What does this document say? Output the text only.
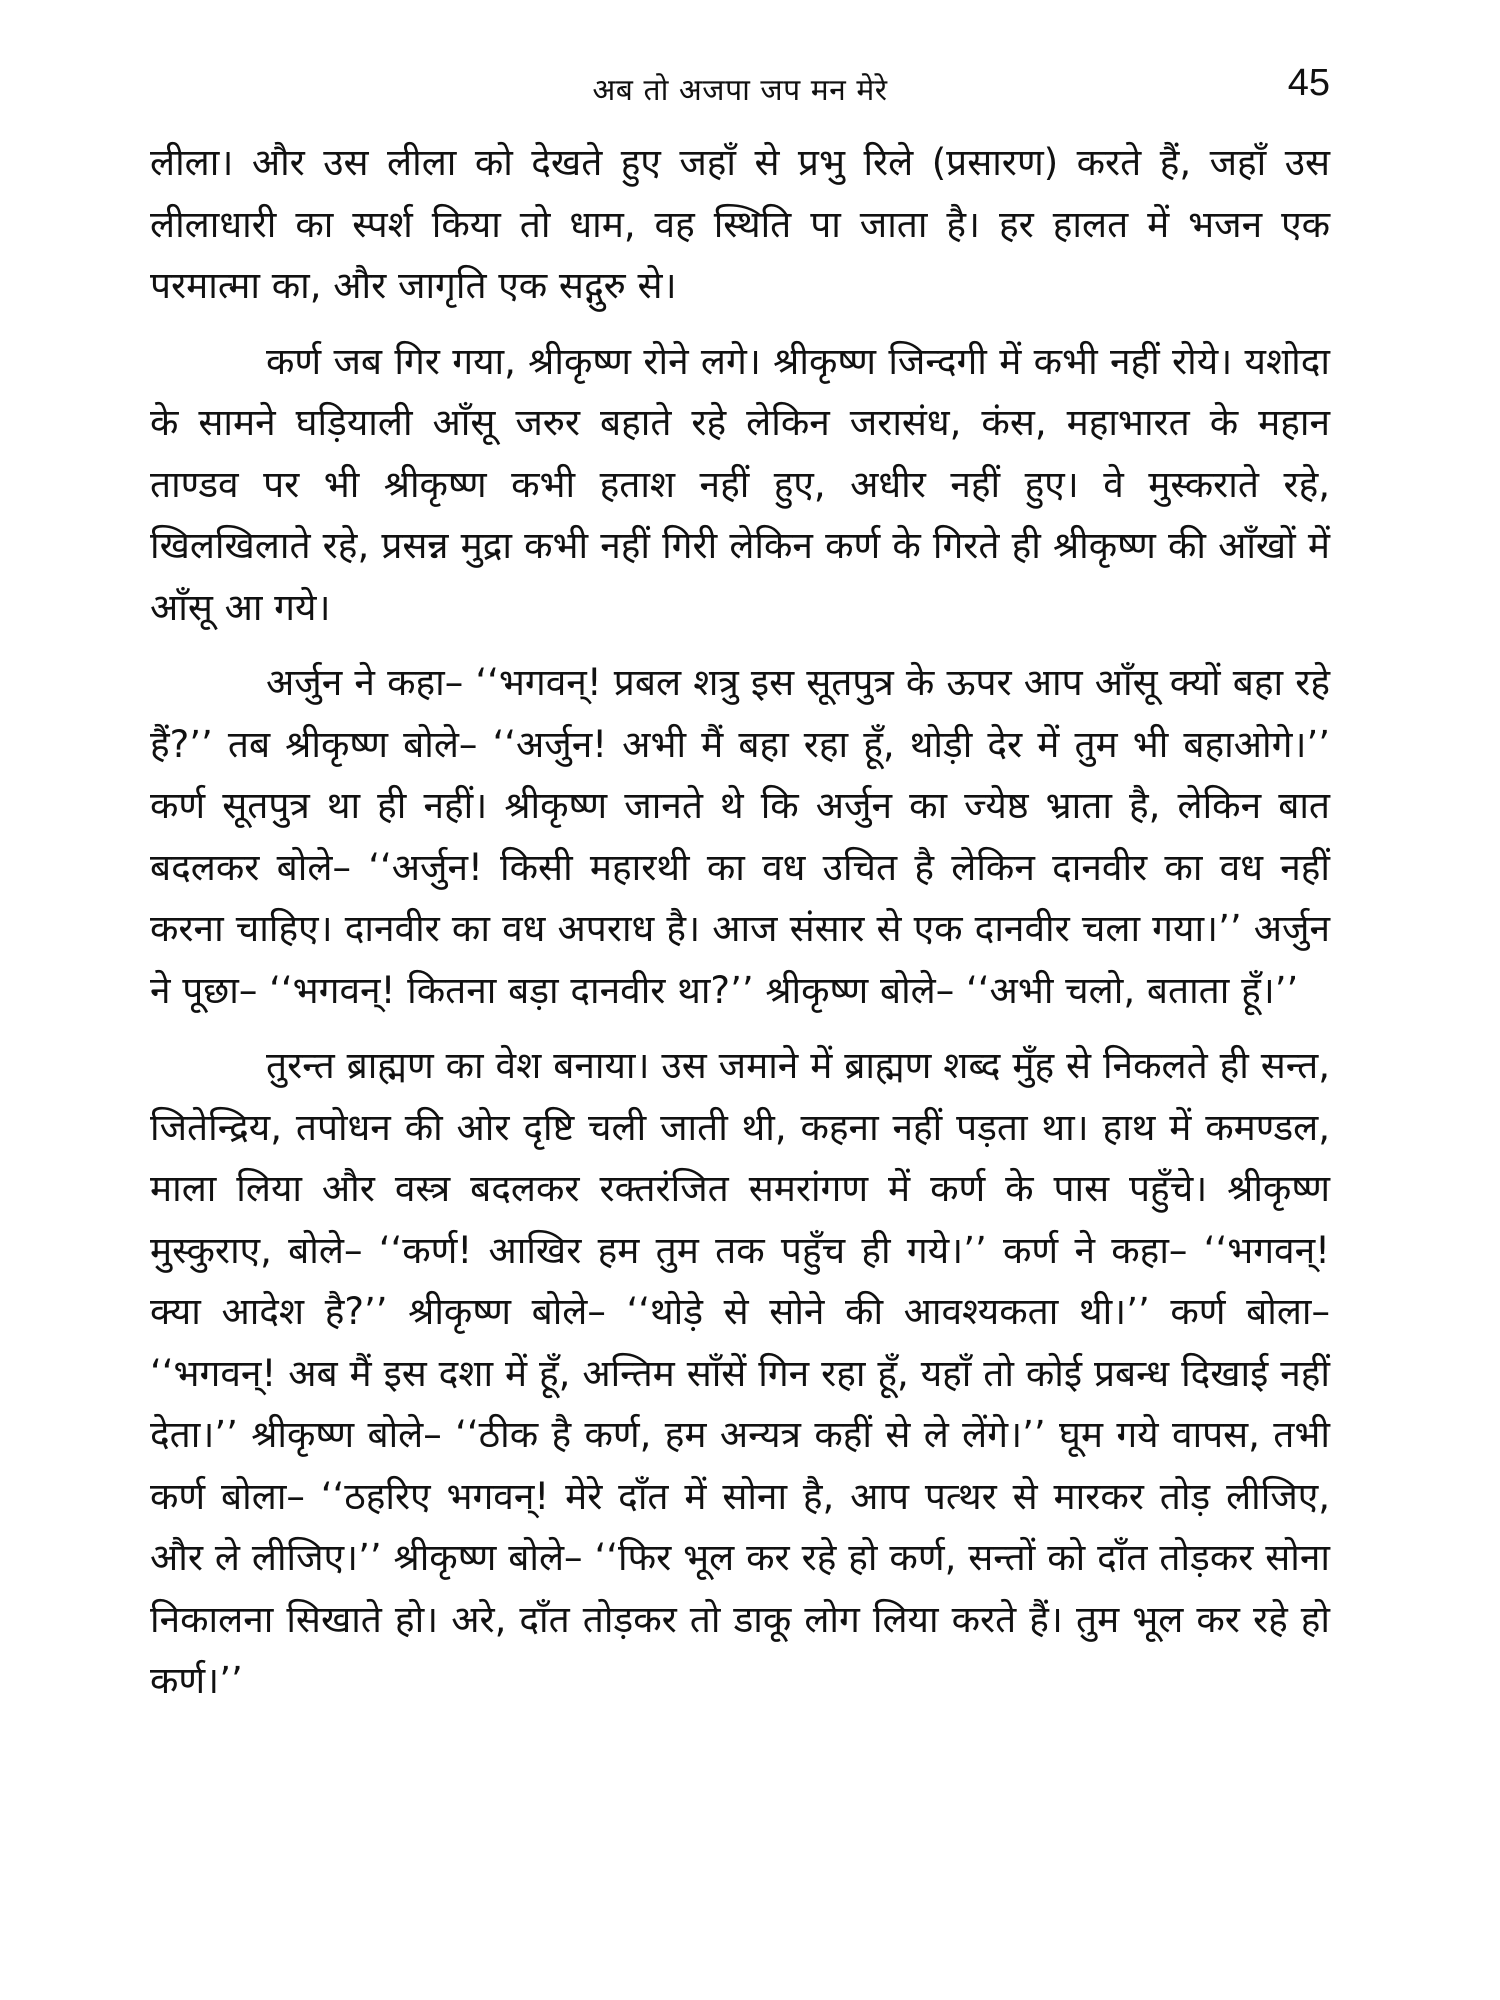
अब तो अजपा जप मन मेरे	45

लीला। और उस लीला को देखते हुए जहाँ से प्रभु रिले (प्रसारण) करते हैं, जहाँ उस लीलाधारी का स्पर्श किया तो धाम, वह स्थिति पा जाता है। हर हालत में भजन एक परमात्मा का, और जागृति एक सद्गुरु से।

कर्ण जब गिर गया, श्रीकृष्ण रोने लगे। श्रीकृष्ण जिन्दगी में कभी नहीं रोये। यशोदा के सामने घड़ियाली आँसू जरुर बहाते रहे लेकिन जरासंध, कंस, महाभारत के महान ताण्डव पर भी श्रीकृष्ण कभी हताश नहीं हुए, अधीर नहीं हुए। वे मुस्कराते रहे, खिलखिलाते रहे, प्रसन्न मुद्रा कभी नहीं गिरी लेकिन कर्ण के गिरते ही श्रीकृष्ण की आँखों में आँसू आ गये।

अर्जुन ने कहा– ‘‘भगवन्! प्रबल शत्रु इस सूतपुत्र के ऊपर आप आँसू क्यों बहा रहे हैं?’’ तब श्रीकृष्ण बोले– ‘‘अर्जुन! अभी मैं बहा रहा हूँ, थोड़ी देर में तुम भी बहाओगे।’’ कर्ण सूतपुत्र था ही नहीं। श्रीकृष्ण जानते थे कि अर्जुन का ज्येष्ठ भ्राता है, लेकिन बात बदलकर बोले– ‘‘अर्जुन! किसी महारथी का वध उचित है लेकिन दानवीर का वध नहीं करना चाहिए। दानवीर का वध अपराध है। आज संसार से एक दानवीर चला गया।’’ अर्जुन ने पूछा– ‘‘भगवन्! कितना बड़ा दानवीर था?’’ श्रीकृष्ण बोले– ‘‘अभी चलो, बताता हूँ।’’

तुरन्त ब्राह्मण का वेश बनाया। उस जमाने में ब्राह्मण शब्द मुँह से निकलते ही सन्त, जितेन्द्रिय, तपोधन की ओर दृष्टि चली जाती थी, कहना नहीं पड़ता था। हाथ में कमण्डल, माला लिया और वस्त्र बदलकर रक्तरंजित समरांगण में कर्ण के पास पहुँचे। श्रीकृष्ण मुस्कुराए, बोले– ‘‘कर्ण! आखिर हम तुम तक पहुँच ही गये।’’ कर्ण ने कहा– ‘‘भगवन्! क्या आदेश है?’’ श्रीकृष्ण बोले– ‘‘थोड़े से सोने की आवश्यकता थी।’’ कर्ण बोला– ‘‘भगवन्! अब मैं इस दशा में हूँ, अन्तिम साँसें गिन रहा हूँ, यहाँ तो कोई प्रबन्ध दिखाई नहीं देता।’’ श्रीकृष्ण बोले– ‘‘ठीक है कर्ण, हम अन्यत्र कहीं से ले लेंगे।’’ घूम गये वापस, तभी कर्ण बोला– ‘‘ठहरिए भगवन्! मेरे दाँत में सोना है, आप पत्थर से मारकर तोड़ लीजिए, और ले लीजिए।’’ श्रीकृष्ण बोले– ‘‘फिर भूल कर रहे हो कर्ण, सन्तों को दाँत तोड़कर सोना निकालना सिखाते हो। अरे, दाँत तोड़कर तो डाकू लोग लिया करते हैं। तुम भूल कर रहे हो कर्ण।’’
